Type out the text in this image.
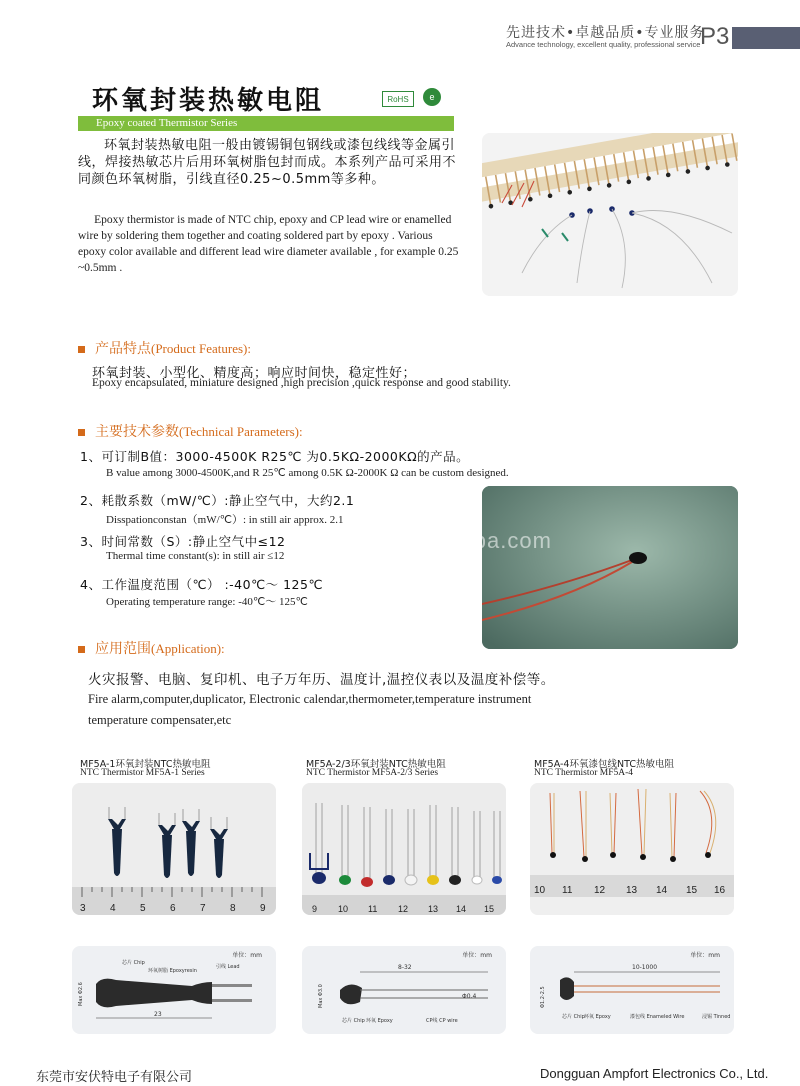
先进技术•卓越品质•专业服务
Advance technology, excellent quality, professional service P3
环氧封装热敏电阻	RoHS	e
Epoxy coated Thermistor Series
环氧封装热敏电阻一般由镀锡铜包钢线或漆包线线等金属引线，焊接热敏芯片后用环氧树脂包封而成。本系列产品可采用不同颜色环氧树脂，引线直径0.25~0.5mm等多种。
Epoxy thermistor is made of NTC chip, epoxy and CP lead wire or enamelled wire by soldering them together and coating soldered part by epoxy . Various epoxy color available and different lead wire diameter available , for example 0.25 ~0.5mm .
产品特点(Product Features):
环氧封装、小型化、精度高；响应时间快，稳定性好；
Epoxy encapsulated, miniature designed ,high precision ,quick response and good stability.
主要技术参数(Technical Parameters):
1、可订制B值：3000-4500K R25℃ 为0.5KΩ-2000KΩ的产品。
B value among 3000-4500K,and R 25℃ among 0.5K Ω-2000K Ω can be custom designed.
2、耗散系数（mW/℃）:静止空气中，大约2.1
Disspationconstan（mW/℃）: in still air approx. 2.1
3、时间常数（S）:静止空气中≤12
Thermal time constant(s): in still air ≤12
4、工作温度范围（℃） :-40℃～ 125℃
Operating temperature range: -40℃～ 125℃
ampfort.en.alibaba.com
应用范围(Application):
火灾报警、电脑、复印机、电子万年历、温度计,温控仪表以及温度补偿等。
Fire alarm,computer,duplicator, Electronic calendar,thermometer,temperature instrument
temperature compensater,etc
MF5A-1环氧封装NTC热敏电阻
NTC Thermistor MF5A-1 Series
MF5A-2/3环氧封装NTC热敏电阻
NTC Thermistor MF5A-2/3 Series
MF5A-4环氧漆包线NTC热敏电阻
NTC Thermistor MF5A-4
3 4 5 6 7 8 9	9 10 11 12 13 14 15
10 11 12 13 14 15 16
单位：mm
23
Max Φ2.6
芯片 Chip
环氧树脂 Epoxyresin
引线 Lead
单位：mm
8-32
Max Φ3.0	Φ0.4
芯片 Chip 环氧 Epoxy	CP线 CP wire
单位：mm
10-1000
Φ1.2-2.5
芯片 Chip 环氧 Epoxy	漆包线 Enameled Wire	浸锡 Tinned
东莞市安伏特电子有限公司	Dongguan Ampfort Electronics Co., Ltd.
